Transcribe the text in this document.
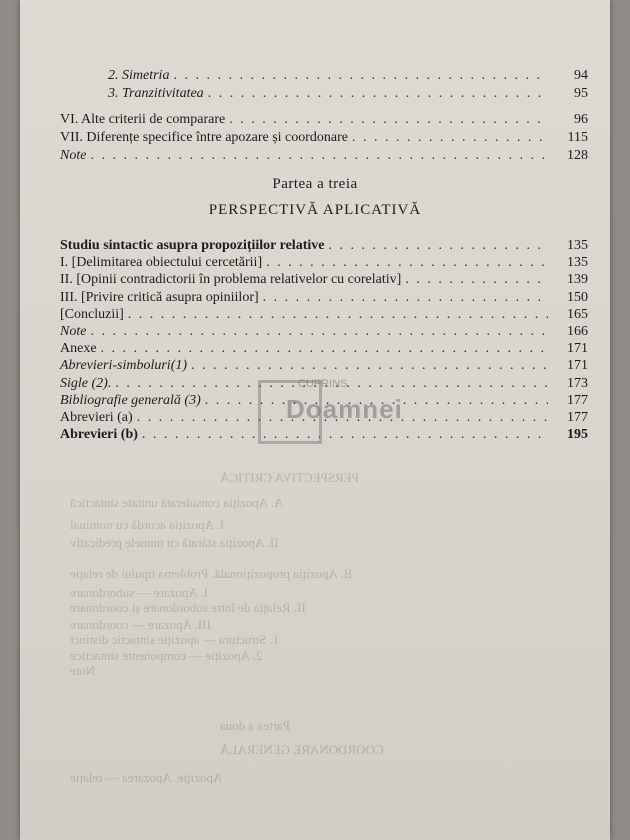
2. Simetria . . .	94
3. Tranzitivitatea . . .	95
VI. Alte criterii de comparare . . .	96
VII. Diferențe specifice între apozare și coordonare . . .	115
Note . . .	128
Studiu sintactic asupra propozițiilor relative . . .	135
I. [Delimitarea obiectului cercetării] . . .	135
II. [Opinii contradictorii în problema relativelor cu corelativ] . . .	139
III. [Privire critică asupra opiniilor] . . .	150
[Concluzii] . . .	165
Note . . .	166
Anexe . . .	171
Abrevieri-simboluri(1) . . .	171
Sigle (2). . . .	173
Bibliografie generală (3) . . .	177
Abrevieri (a) . . .	177
Abrevieri (b) . . .	195
Partea a treia
PERSPECTIVĂ APLICATIVĂ
CUPRINS
Doamnei
PERSPECTIVA CRITICĂ
A. Apoziția considerată unitate sintactică
I. Apoziția acordă cu nominal
II. Apoziția stărată cu numele predicativ
B. Apoziția propozițională. Problema tipului de relație
I. Apozare — subordonare
II. Relația de între subordonare și coordonare
III. Apozare — coordonare
1. Structura — apoziție sintactic distinct
2. Apoziție — componente sintactice
Note
Partea a doua
COORDONARE GENERALĂ
Apoziție. Apozarea — relație
